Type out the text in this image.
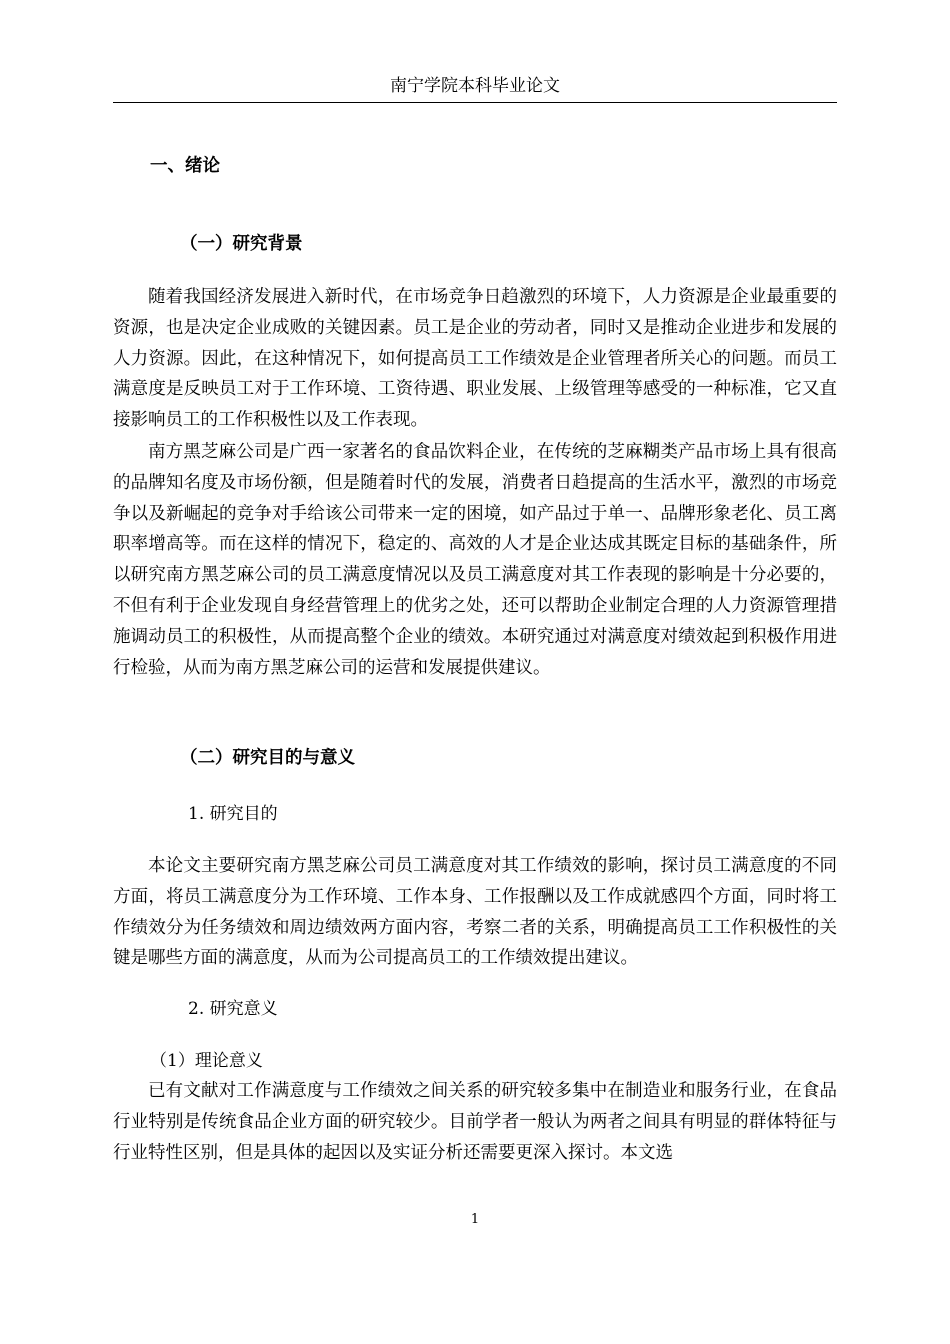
南宁学院本科毕业论文
一、绪论
（一）研究背景

随着我国经济发展进入新时代，在市场竞争日趋激烈的环境下，人力资源是企业最重要的资源，也是决定企业成败的关键因素。员工是企业的劳动者，同时又是推动企业进步和发展的人力资源。因此，在这种情况下，如何提高员工工作绩效是企业管理者所关心的问题。而员工满意度是反映员工对于工作环境、工资待遇、职业发展、上级管理等感受的一种标准，它又直接影响员工的工作积极性以及工作表现。

南方黑芝麻公司是广西一家著名的食品饮料企业，在传统的芝麻糊类产品市场上具有很高的品牌知名度及市场份额，但是随着时代的发展，消费者日趋提高的生活水平，激烈的市场竞争以及新崛起的竞争对手给该公司带来一定的困境，如产品过于单一、品牌形象老化、员工离职率增高等。而在这样的情况下，稳定的、高效的人才是企业达成其既定目标的基础条件，所以研究南方黑芝麻公司的员工满意度情况以及员工满意度对其工作表现的影响是十分必要的，不但有利于企业发现自身经营管理上的优劣之处，还可以帮助企业制定合理的人力资源管理措施调动员工的积极性，从而提高整个企业的绩效。本研究通过对满意度对绩效起到积极作用进行检验，从而为南方黑芝麻公司的运营和发展提供建议。

（二）研究目的与意义
1. 研究目的

本论文主要研究南方黑芝麻公司员工满意度对其工作绩效的影响，探讨员工满意度的不同方面，将员工满意度分为工作环境、工作本身、工作报酬以及工作成就感四个方面，同时将工作绩效分为任务绩效和周边绩效两方面内容，考察二者的关系，明确提高员工工作积极性的关键是哪些方面的满意度，从而为公司提高员工的工作绩效提出建议。

2. 研究意义
（1）理论意义

已有文献对工作满意度与工作绩效之间关系的研究较多集中在制造业和服务行业，在食品行业特别是传统食品企业方面的研究较少。目前学者一般认为两者之间具有明显的群体特征与行业特性区别，但是具体的起因以及实证分析还需要更深入探讨。本文选

1
